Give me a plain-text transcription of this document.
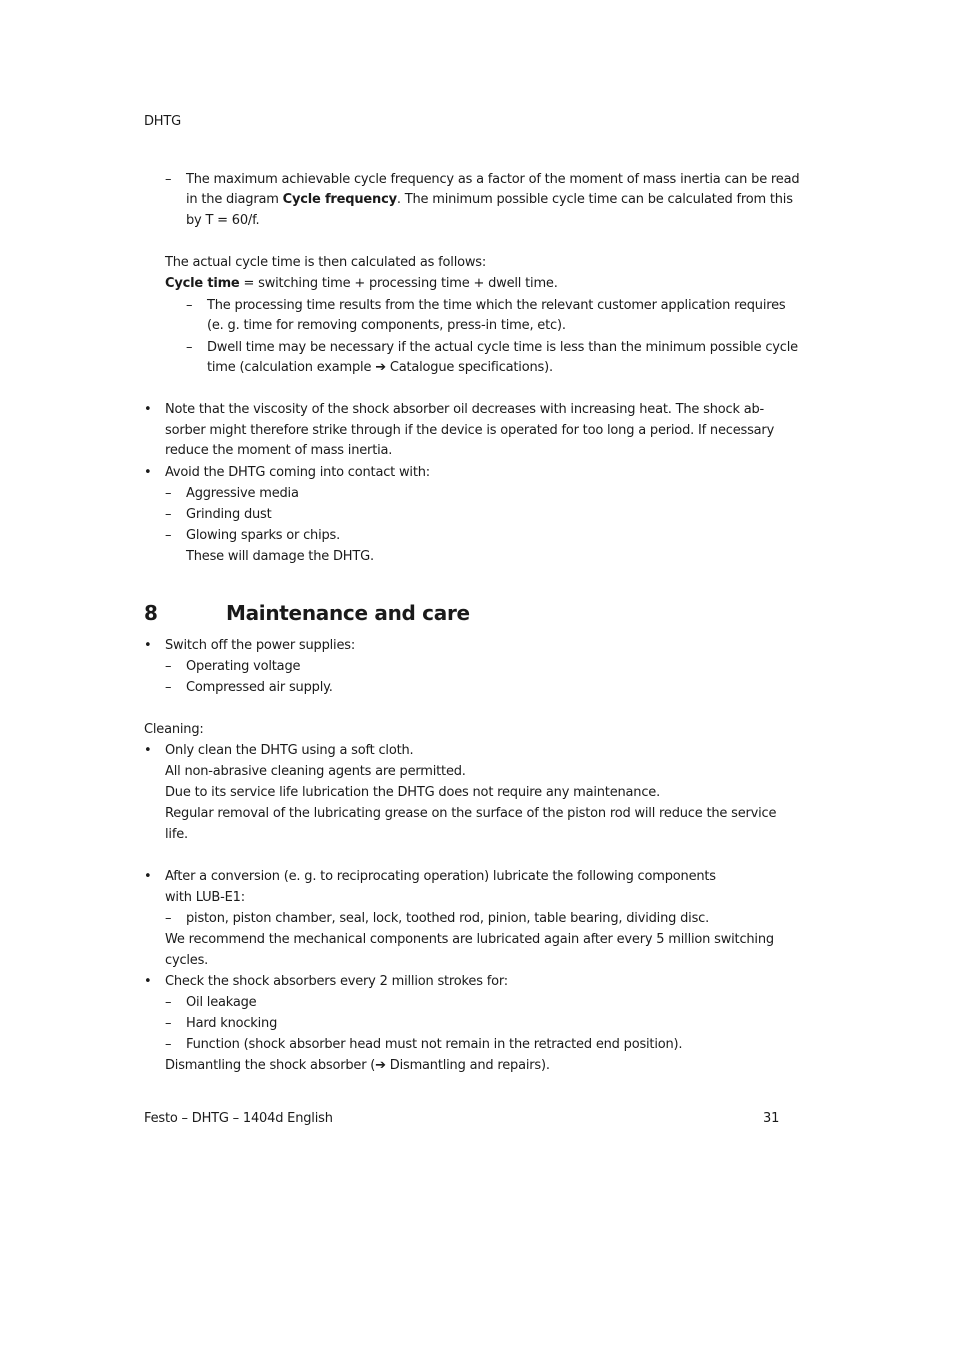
DHTG
– The maximum achievable cycle frequency as a factor of the moment of mass inertia can be read
in the diagram Cycle frequency. The minimum possible cycle time can be calculated from this
by T = 60/f.
The actual cycle time is then calculated as follows:
Cycle time = switching time + processing time + dwell time.
– The processing time results from the time which the relevant customer application requires
(e. g. time for removing components, press-in time, etc).
– Dwell time may be necessary if the actual cycle time is less than the minimum possible cycle
time (calculation example ➔ Catalogue specifications).
• Note that the viscosity of the shock absorber oil decreases with increasing heat. The shock ab-
sorber might therefore strike through if the device is operated for too long a period. If necessary
reduce the moment of mass inertia.
• Avoid the DHTG coming into contact with:
– Aggressive media
– Grinding dust
– Glowing sparks or chips.
These will damage the DHTG.
8	Maintenance and care
• Switch off the power supplies:
– Operating voltage
– Compressed air supply.
Cleaning:
• Only clean the DHTG using a soft cloth.
All non-abrasive cleaning agents are permitted.
Due to its service life lubrication the DHTG does not require any maintenance.
Regular removal of the lubricating grease on the surface of the piston rod will reduce the service
life.
• After a conversion (e. g. to reciprocating operation) lubricate the following components
with LUB-E1:
– piston, piston chamber, seal, lock, toothed rod, pinion, table bearing, dividing disc.
We recommend the mechanical components are lubricated again after every 5 million switching
cycles.
• Check the shock absorbers every 2 million strokes for:
– Oil leakage
– Hard knocking
– Function (shock absorber head must not remain in the retracted end position).
Dismantling the shock absorber (➔ Dismantling and repairs).
Festo – DHTG – 1404d English	31
